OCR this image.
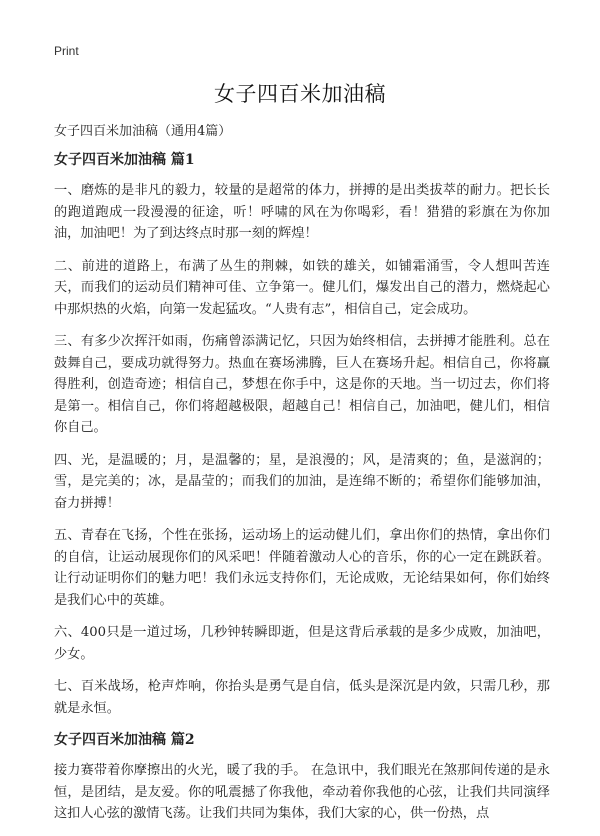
Print
女子四百米加油稿

女子四百米加油稿（通用4篇）

女子四百米加油稿 篇1

一、磨炼的是非凡的毅力，较量的是超常的体力，拼搏的是出类拔萃的耐力。把长长的跑道跑成一段漫漫的征途，听！呼啸的风在为你喝彩，看！猎猎的彩旗在为你加油，加油吧！为了到达终点时那一刻的辉煌！

二、前进的道路上，布满了丛生的荆棘，如铁的雄关，如铺霜涌雪，令人想叫苦连天，而我们的运动员们精神可佳、立争第一。健儿们，爆发出自己的潜力，燃烧起心中那炽热的火焰，向第一发起猛攻。“人贵有志”，相信自己，定会成功。

三、有多少次挥汗如雨，伤痛曾添满记忆，只因为始终相信，去拼搏才能胜利。总在鼓舞自己，要成功就得努力。热血在赛场沸腾，巨人在赛场升起。相信自己，你将赢得胜利，创造奇迹；相信自己，梦想在你手中，这是你的天地。当一切过去，你们将是第一。相信自己，你们将超越极限，超越自己！相信自己，加油吧，健儿们，相信你自己。

四、光，是温暖的；月，是温馨的；星，是浪漫的；风，是清爽的；鱼，是滋润的；雪，是完美的；冰，是晶莹的；而我们的加油，是连绵不断的；希望你们能够加油，奋力拼搏！

五、青春在飞扬，个性在张扬，运动场上的运动健儿们，拿出你们的热情，拿出你们的自信，让运动展现你们的风采吧！伴随着激动人心的音乐，你的心一定在跳跃着。让行动证明你们的魅力吧！我们永远支持你们，无论成败，无论结果如何，你们始终是我们心中的英雄。

六、400只是一道过场，几秒钟转瞬即逝，但是这背后承载的是多少成败，加油吧，少女。

七、百米战场，枪声炸响，你抬头是勇气是自信，低头是深沉是内敛，只需几秒，那就是永恒。

女子四百米加油稿 篇2

接力赛带着你摩擦出的火光，暖了我的手。 在急讯中，我们眼光在煞那间传递的是永恒，是团结，是友爱。你的吼震撼了你我他，牵动着你我他的心弦，让我们共同演绎这扣人心弦的激情飞荡。让我们共同为集体，我们大家的心，供一份热，点
